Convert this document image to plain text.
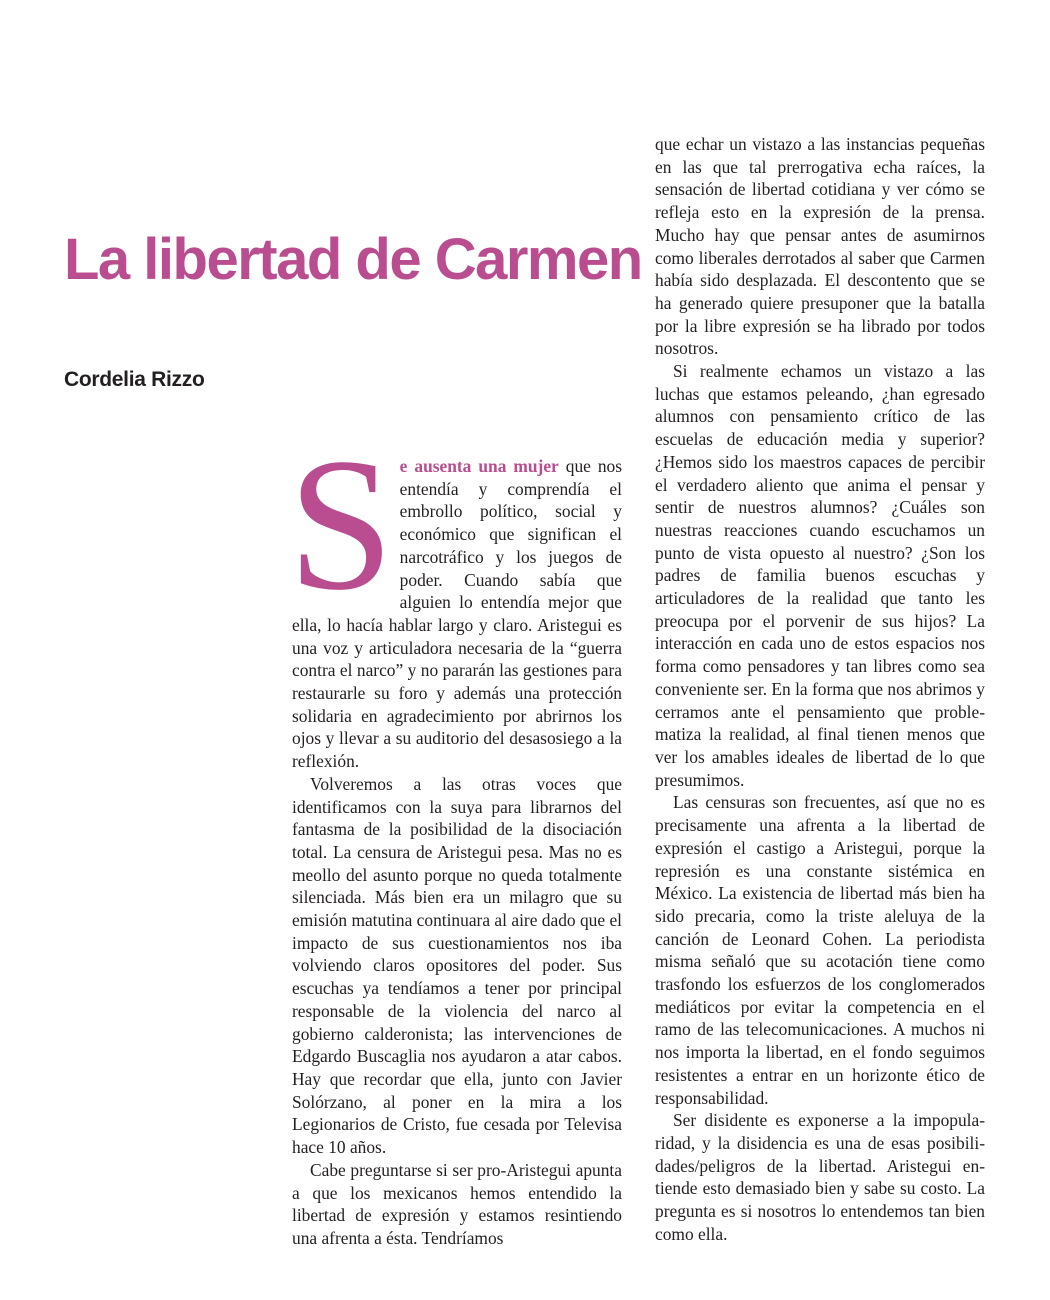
La libertad de Carmen
Cordelia Rizzo

Se ausenta una mujer que nos entendía y comprendía el embrollo político, social y económico que significan el narcotráfico y los juegos de poder. Cuando sabía que alguien lo entendía mejor que ella, lo hacía hablar largo y claro. Aristegui es una voz y articuladora necesaria de la “guerra contra el narco” y no pararán las gestiones para restaurarle su foro y además una protección solidaria en agradecimiento por abrirnos los ojos y llevar a su auditorio del desasosiego a la reflexión.

Volveremos a las otras voces que identificamos con la suya para librarnos del fantasma de la posibilidad de la disociación total. La censura de Aristegui pesa. Mas no es meollo del asunto porque no queda totalmente silenciada. Más bien era un milagro que su emisión matutina continuara al aire dado que el impacto de sus cuestionamientos nos iba volviendo claros opositores del poder. Sus escuchas ya tendíamos a tener por principal responsable de la violencia del narco al gobierno calderonista; las intervenciones de Edgardo Buscaglia nos ayudaron a atar cabos. Hay que recordar que ella, junto con Javier Solórzano, al poner en la mira a los Legionarios de Cristo, fue cesada por Televisa hace 10 años.

Cabe preguntarse si ser pro-Aristegui apunta a que los mexicanos hemos entendido la libertad de expresión y estamos resintiendo una afrenta a ésta. Tendríamos

que echar un vistazo a las instancias pequeñas en las que tal prerrogativa echa raíces, la sensación de libertad cotidiana y ver cómo se refleja esto en la expresión de la prensa. Mucho hay que pensar antes de asumirnos como liberales derrotados al saber que Carmen había sido desplazada. El descontento que se ha generado quiere presuponer que la batalla por la libre expresión se ha librado por todos nosotros.

Si realmente echamos un vistazo a las luchas que estamos peleando, ¿han egresado alumnos con pensamiento crítico de las escuelas de educación media y superior? ¿Hemos sido los maestros capaces de percibir el verdadero aliento que anima el pensar y sentir de nuestros alumnos? ¿Cuáles son nuestras reacciones cuando escuchamos un punto de vista opuesto al nuestro? ¿Son los padres de familia buenos escuchas y articuladores de la realidad que tanto les preocupa por el porvenir de sus hijos? La interacción en cada uno de estos espacios nos forma como pensadores y tan libres como sea conveniente ser. En la forma que nos abrimos y cerramos ante el pensamiento que problematiza la realidad, al final tienen menos que ver los amables ideales de libertad de lo que presumimos.

Las censuras son frecuentes, así que no es precisamente una afrenta a la libertad de expresión el castigo a Aristegui, porque la represión es una constante sistémica en México. La existencia de libertad más bien ha sido precaria, como la triste aleluya de la canción de Leonard Cohen. La periodista misma señaló que su acotación tiene como trasfondo los esfuerzos de los conglomerados mediáticos por evitar la competencia en el ramo de las telecomunicaciones. A muchos ni nos importa la libertad, en el fondo seguimos resistentes a entrar en un horizonte ético de responsabilidad.

Ser disidente es exponerse a la impopularidad, y la disidencia es una de esas posibilidades/peligros de la libertad. Aristegui entiende esto demasiado bien y sabe su costo. La pregunta es si nosotros lo entendemos tan bien como ella.
